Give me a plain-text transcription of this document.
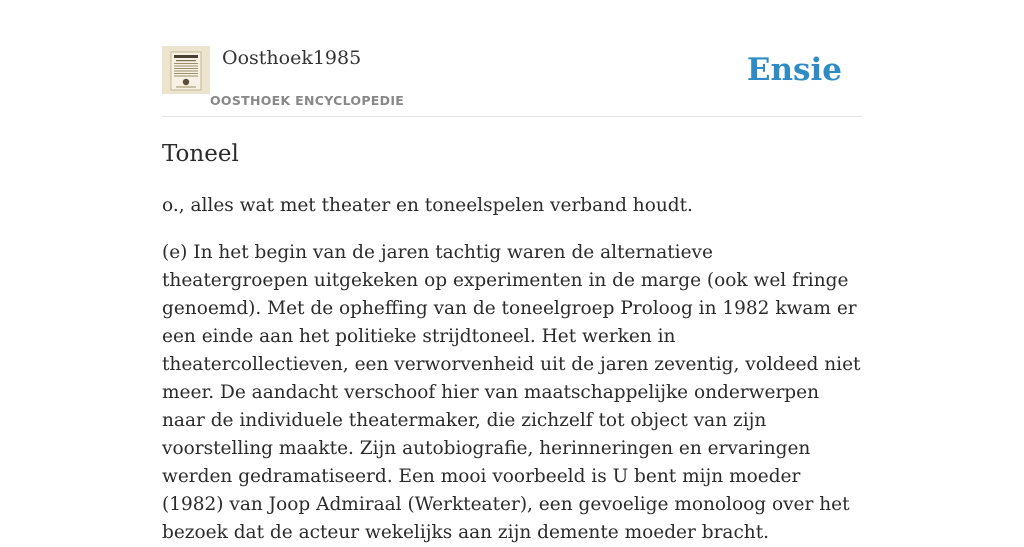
Oosthoek1985
OOSTHOEK ENCYCLOPEDIE
Ensie
Toneel

o., alles wat met theater en toneelspelen verband houdt.

(e) In het begin van de jaren tachtig waren de alternatieve theatergroepen uitgekeken op experimenten in de marge (ook wel fringe genoemd). Met de opheffing van de toneelgroep Proloog in 1982 kwam er een einde aan het politieke strijdtoneel. Het werken in theatercollectieven, een verworvenheid uit de jaren zeventig, voldeed niet meer. De aandacht verschoof hier van maatschappelijke onderwerpen naar de individuele theatermaker, die zichzelf tot object van zijn voorstelling maakte. Zijn autobiografie, herinneringen en ervaringen werden gedramatiseerd. Een mooi voorbeeld is U bent mijn moeder (1982) van Joop Admiraal (Werkteater), een gevoelige monoloog over het bezoek dat de acteur wekelijks aan zijn demente moeder bracht.
